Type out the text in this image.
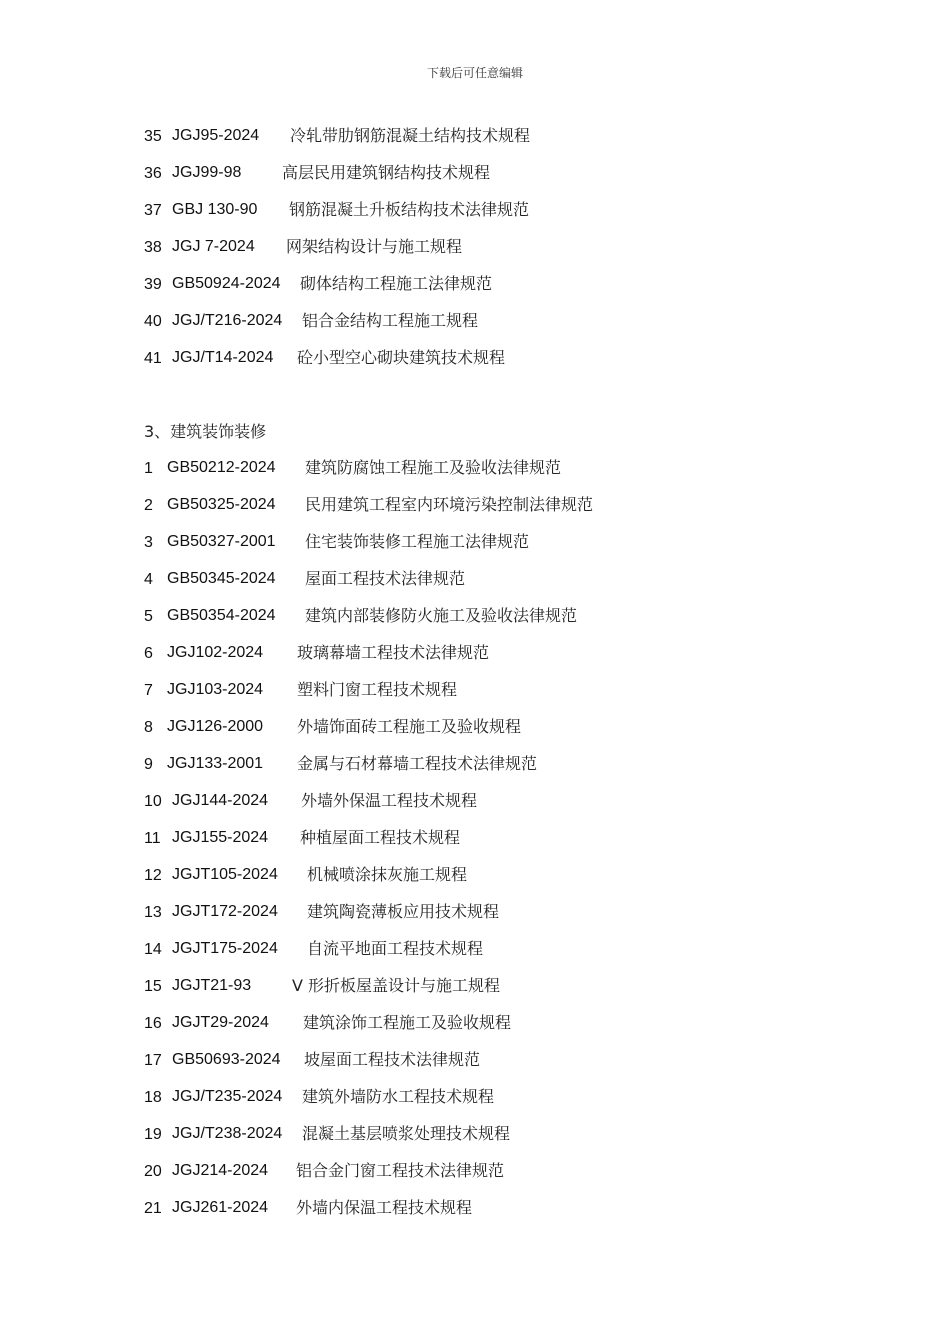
下载后可任意编辑
35 JGJ95-2024 冷轧带肋钢筋混凝土结构技术规程
36 JGJ99-98	高层民用建筑钢结构技术规程
37 GBJ 130-90 钢筋混凝土升板结构技术法律规范
38 JGJ 7-2024 网架结构设计与施工规程
39 GB50924-2024 砌体结构工程施工法律规范
40 JGJ/T216-2024 铝合金结构工程施工规程
41 JGJ/T14-2024 砼小型空心砌块建筑技术规程
3、建筑装饰装修
1 GB50212-2024 建筑防腐蚀工程施工及验收法律规范
2 GB50325-2024 民用建筑工程室内环境污染控制法律规范
3 GB50327-2001 住宅装饰装修工程施工法律规范
4 GB50345-2024 屋面工程技术法律规范
5 GB50354-2024 建筑内部装修防火施工及验收法律规范
6 JGJ102-2024 玻璃幕墙工程技术法律规范
7 JGJ103-2024 塑料门窗工程技术规程
8 JGJ126-2000 外墙饰面砖工程施工及验收规程
9 JGJ133-2001 金属与石材幕墙工程技术法律规范
10 JGJ144-2024 外墙外保温工程技术规程
11 JGJ155-2024 种植屋面工程技术规程
12 JGJT105-2024 机械喷涂抹灰施工规程
13 JGJT172-2024 建筑陶瓷薄板应用技术规程
14 JGJT175-2024 自流平地面工程技术规程
15 JGJT21-93	V 形折板屋盖设计与施工规程
16 JGJT29-2024 建筑涂饰工程施工及验收规程
17 GB50693-2024 坡屋面工程技术法律规范
18 JGJ/T235-2024 建筑外墙防水工程技术规程
19 JGJ/T238-2024 混凝土基层喷浆处理技术规程
20 JGJ214-2024 铝合金门窗工程技术法律规范
21 JGJ261-2024 外墙内保温工程技术规程
